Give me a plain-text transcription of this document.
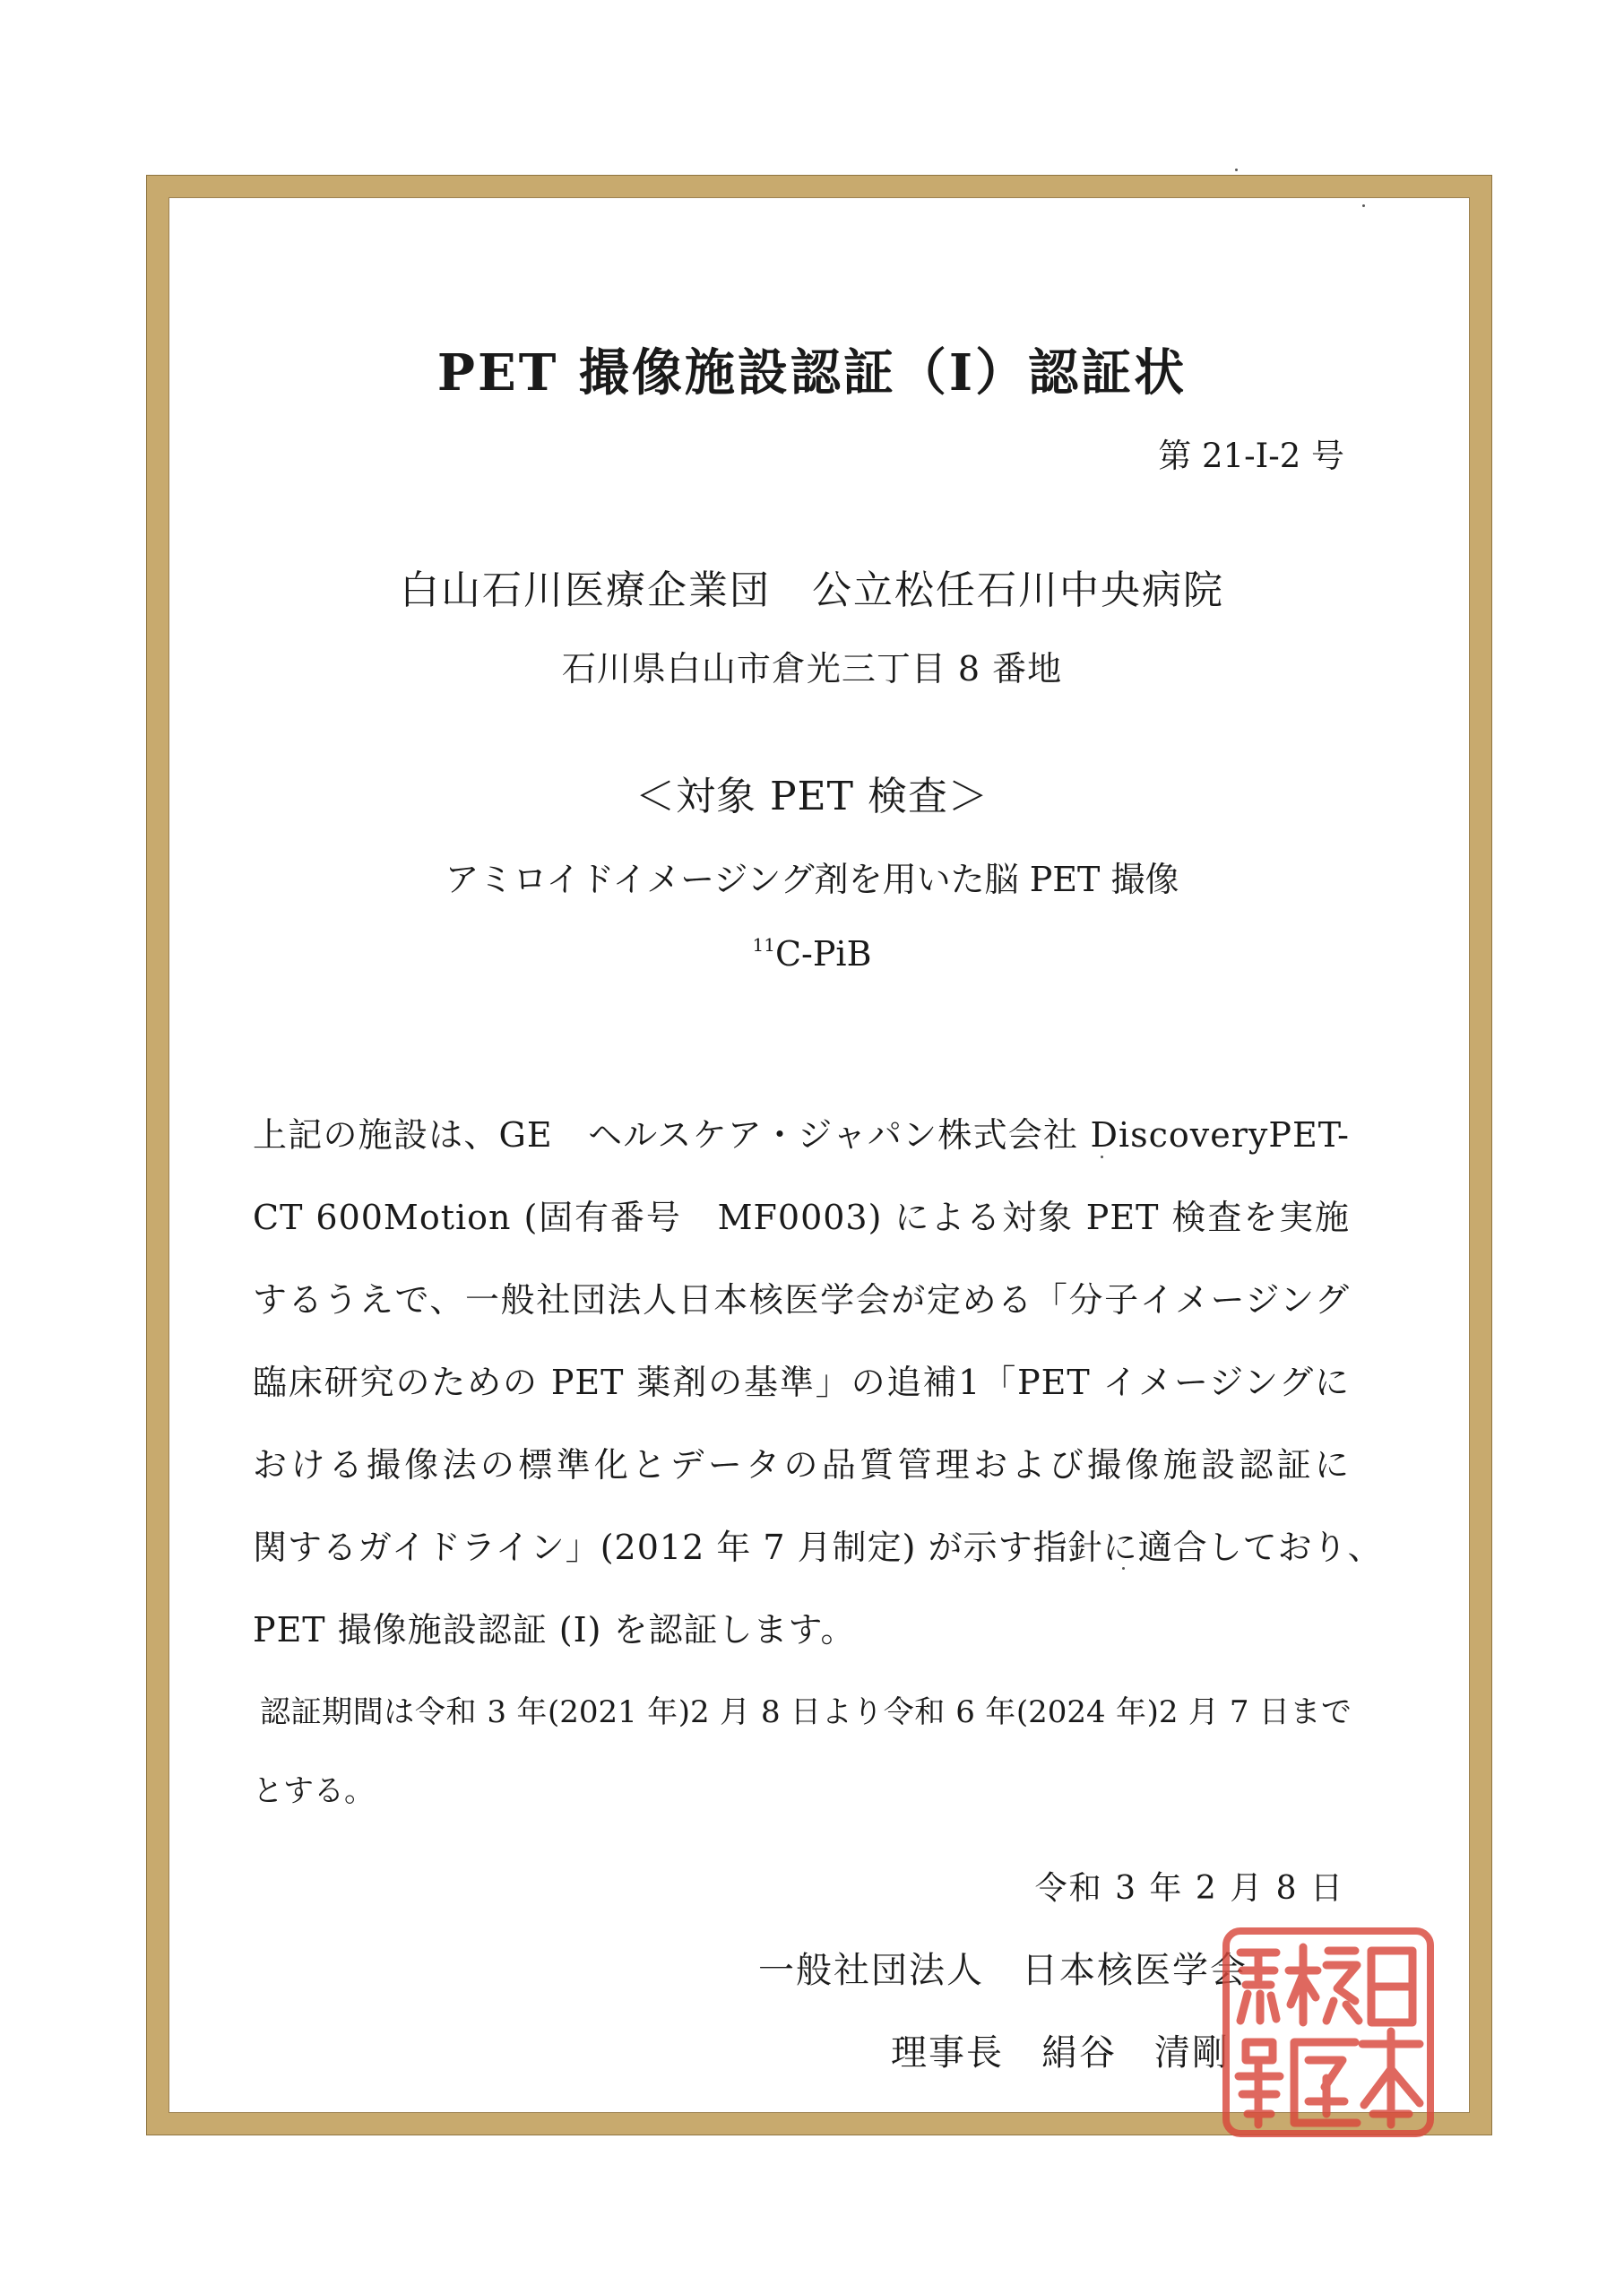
PET 撮像施設認証（I）認証状
第 21-I-2 号
白山石川医療企業団　公立松任石川中央病院
石川県白山市倉光三丁目 8 番地
＜対象 PET 検査＞
アミロイドイメージング剤を用いた脳 PET 撮像
$^{11}$C-PiB
上記の施設は、GE　ヘルスケア・ジャパン株式会社 DiscoveryPET-
CT 600Motion (固有番号　MF0003) による対象 PET 検査を実施
するうえで、一般社団法人日本核医学会が定める「分子イメージング
臨床研究のための PET 薬剤の基準」の追補1「PET イメージングに
おける撮像法の標準化とデータの品質管理および撮像施設認証に
関するガイドライン」(2012 年 7 月制定) が示す指針に適合しており、
PET 撮像施設認証 (I) を認証します。
認証期間は令和 3 年(2021 年)2 月 8 日より令和 6 年(2024 年)2 月 7 日まで
とする。
令和 3 年 2 月 8 日
一般社団法人　日本核医学会
理事長　絹谷　清剛
